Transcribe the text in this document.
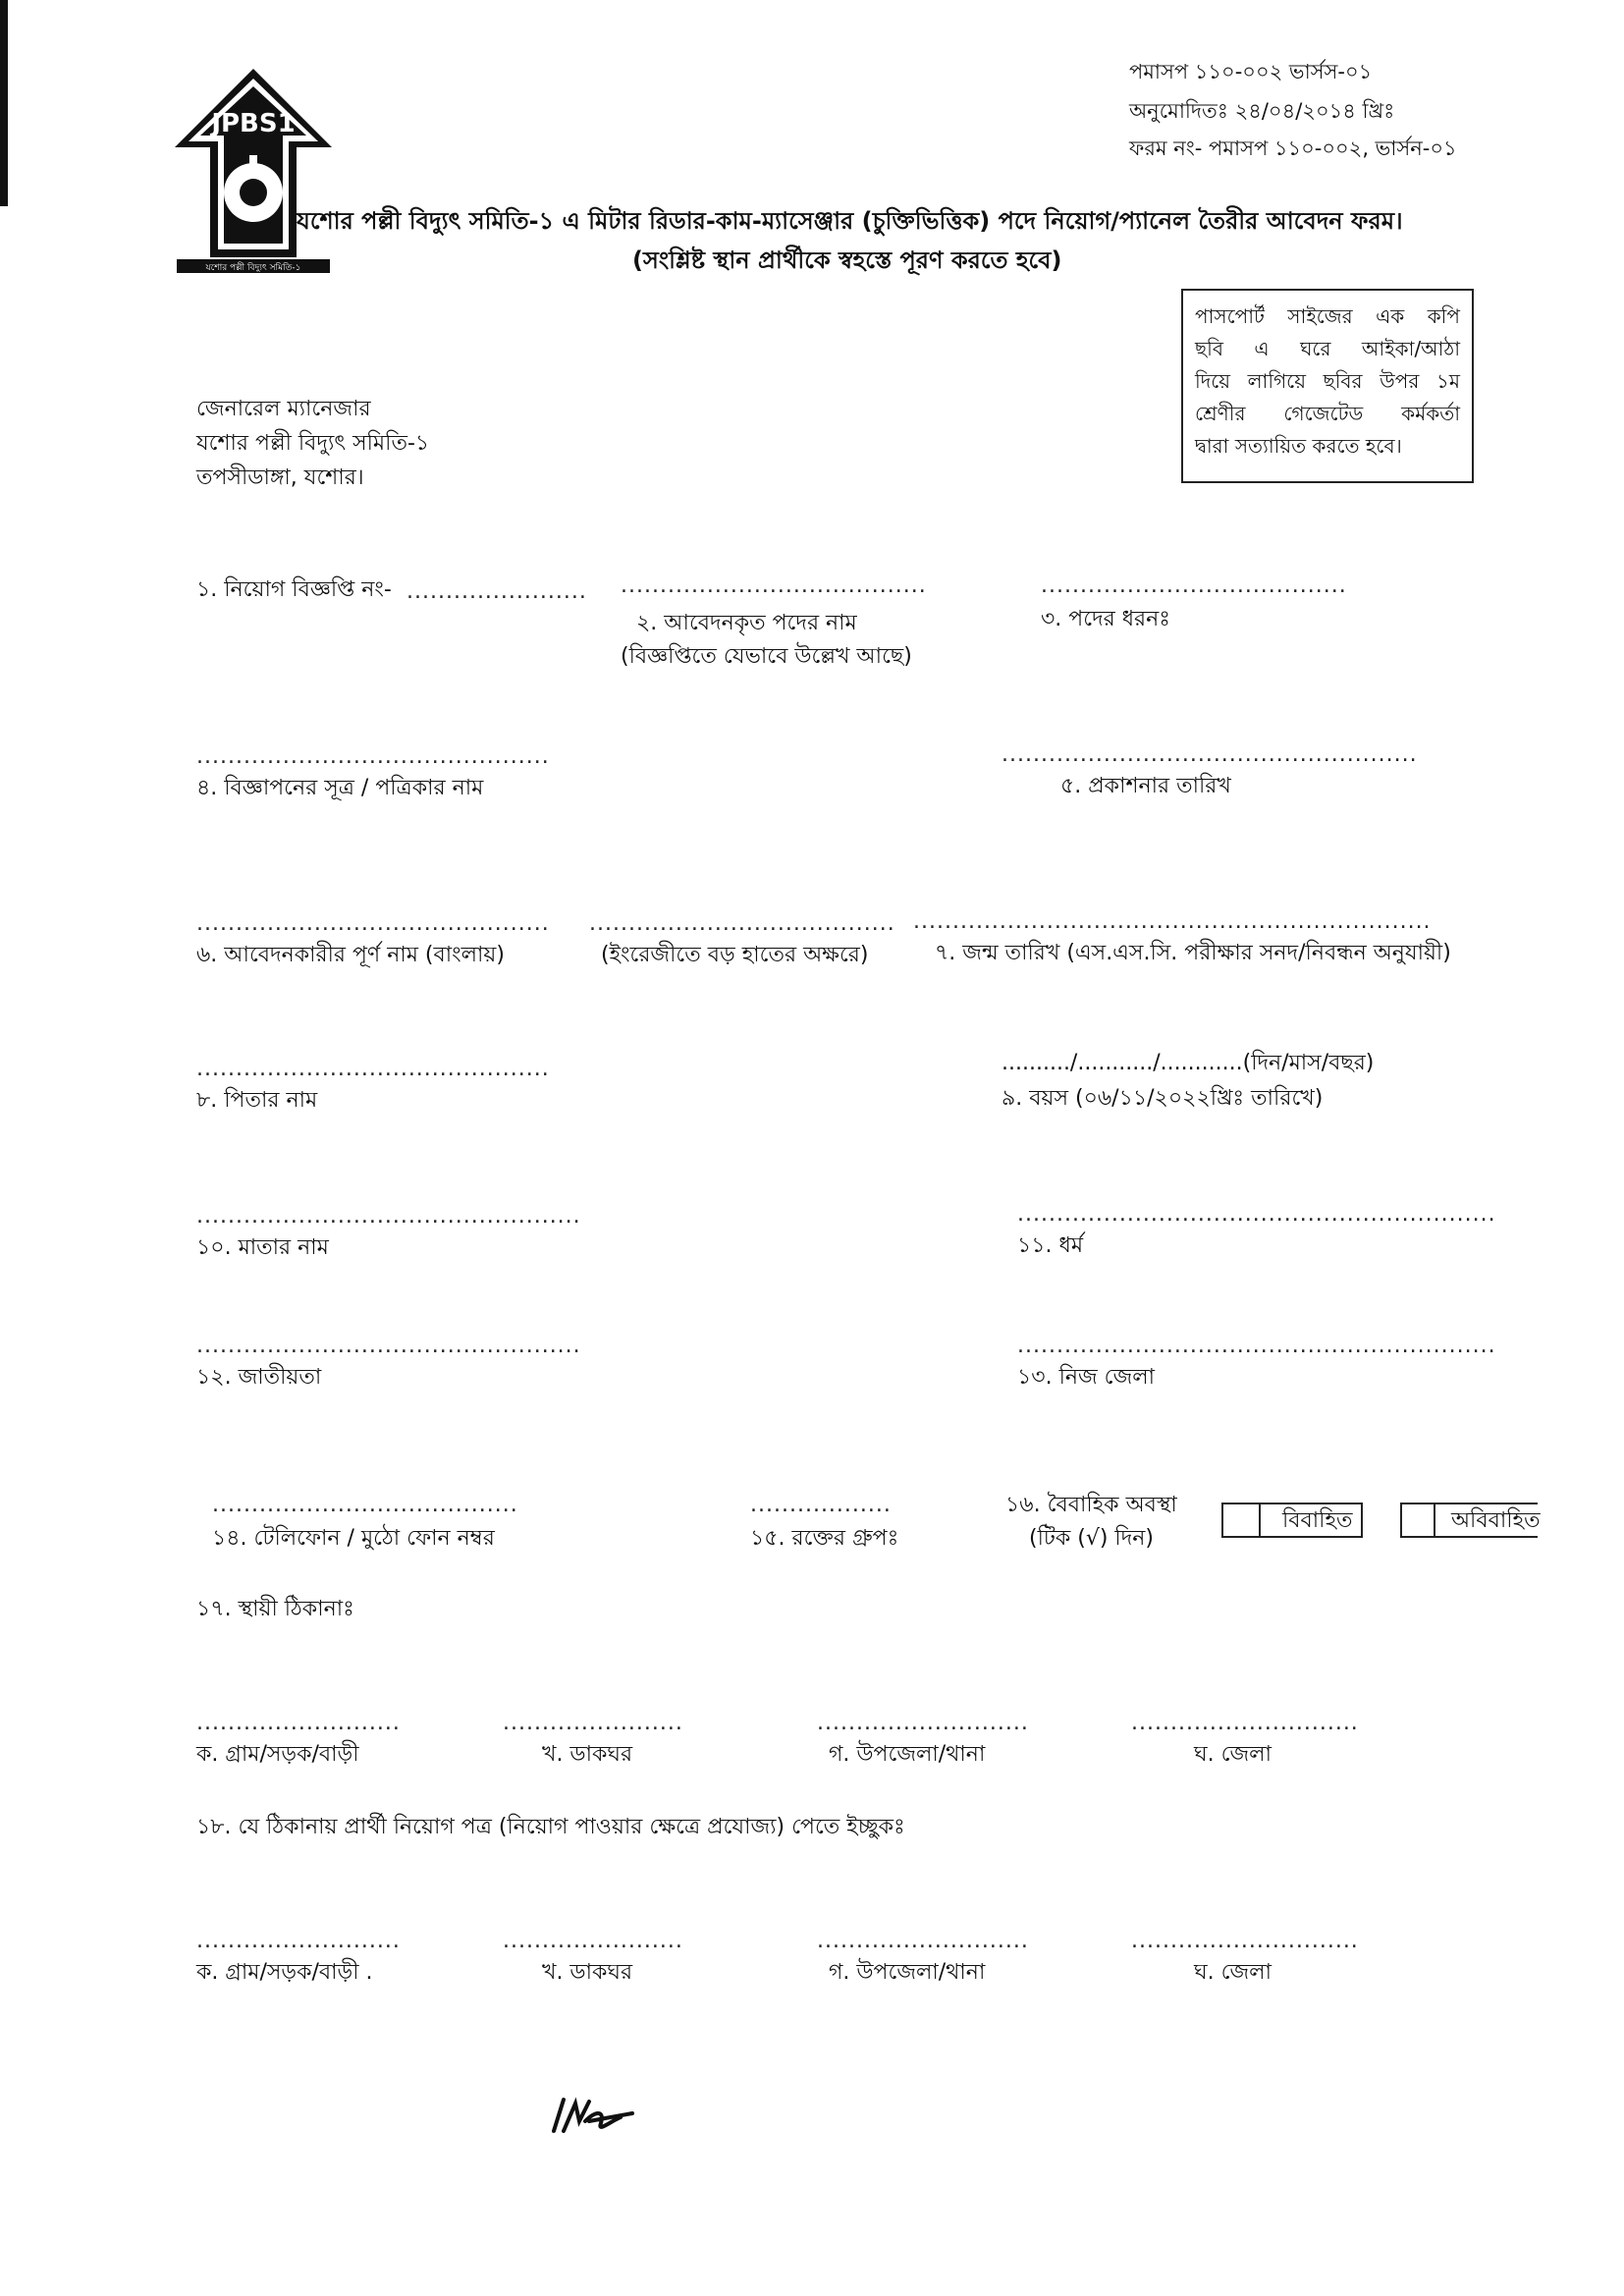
পমাসপ ১১০-০০২ ভার্সস-০১
অনুমোদিতঃ ২৪/০৪/২০১৪ খ্রিঃ
ফরম নং- পমাসপ ১১০-০০২, ভার্সন-০১
JPBS1
যশোর পল্লী বিদ্যুৎ সমিতি-১
যশোর পল্লী বিদ্যুৎ সমিতি-১ এ মিটার রিডার-কাম-ম্যাসেঞ্জার (চুক্তিভিত্তিক) পদে নিয়োগ/প্যানেল তৈরীর আবেদন ফরম।
(সংশ্লিষ্ট স্থান প্রার্থীকে স্বহস্তে পূরণ করতে হবে)
পাসপোর্ট সাইজের এক কপি
ছবি এ ঘরে আইকা/আঠা
দিয়ে লাগিয়ে ছবির উপর ১ম
শ্রেণীর গেজেটেড কর্মকর্তা
দ্বারা সত্যায়িত করতে হবে।
জেনারেল ম্যানেজার
যশোর পল্লী বিদ্যুৎ সমিতি-১
তপসীডাঙ্গা, যশোর।
১. নিয়োগ বিজ্ঞপ্তি নং- ....................... .......................................
২. আবেদনকৃত পদের নাম
(বিজ্ঞপ্তিতে যেভাবে উল্লেখ আছে)
.......................................
৩. পদের ধরনঃ
.............................................
৪. বিজ্ঞাপনের সূত্র / পত্রিকার নাম
.....................................................
৫. প্রকাশনার তারিখ
.............................................
৬. আবেদনকারীর পূর্ণ নাম (বাংলায়)
.......................................
(ইংরেজীতে বড় হাতের অক্ষরে)
..................................................................
৭. জন্ম তারিখ (এস.এস.সি. পরীক্ষার সনদ/নিবন্ধন অনুযায়ী)
.............................................
৮. পিতার নাম
........../.........../............(দিন/মাস/বছর)
৯. বয়স (০৬/১১/২০২২খ্রিঃ তারিখে)
.................................................
১০. মাতার নাম
.............................................................
১১. ধর্ম
.................................................
১২. জাতীয়তা
.............................................................
১৩. নিজ জেলা
.......................................
১৪. টেলিফোন / মুঠো ফোন নম্বর
..................
১৫. রক্তের গ্রুপঃ
১৬. বৈবাহিক অবস্থা
(টিক (√) দিন)
বিবাহিত	অবিবাহিত
১৭. স্থায়ী ঠিকানাঃ
..........................
ক. গ্রাম/সড়ক/বাড়ী
.......................
খ. ডাকঘর
...........................
গ. উপজেলা/থানা
.............................
ঘ. জেলা
১৮. যে ঠিকানায় প্রার্থী নিয়োগ পত্র (নিয়োগ পাওয়ার ক্ষেত্রে প্রযোজ্য) পেতে ইচ্ছুকঃ
..........................
ক. গ্রাম/সড়ক/বাড়ী .
.......................
খ. ডাকঘর
...........................
গ. উপজেলা/থানা
.............................
ঘ. জেলা
